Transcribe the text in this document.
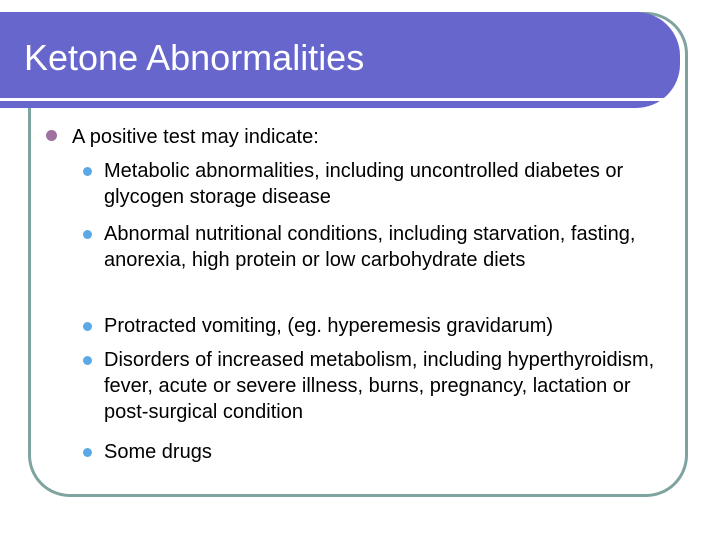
Ketone Abnormalities
A positive test may indicate:
Metabolic abnormalities, including uncontrolled diabetes or glycogen storage disease
Abnormal nutritional conditions, including starvation, fasting, anorexia, high protein or low carbohydrate diets
Protracted vomiting, (eg. hyperemesis gravidarum)
Disorders of increased metabolism, including hyperthyroidism, fever, acute or severe illness, burns, pregnancy, lactation or post-surgical condition
Some drugs
